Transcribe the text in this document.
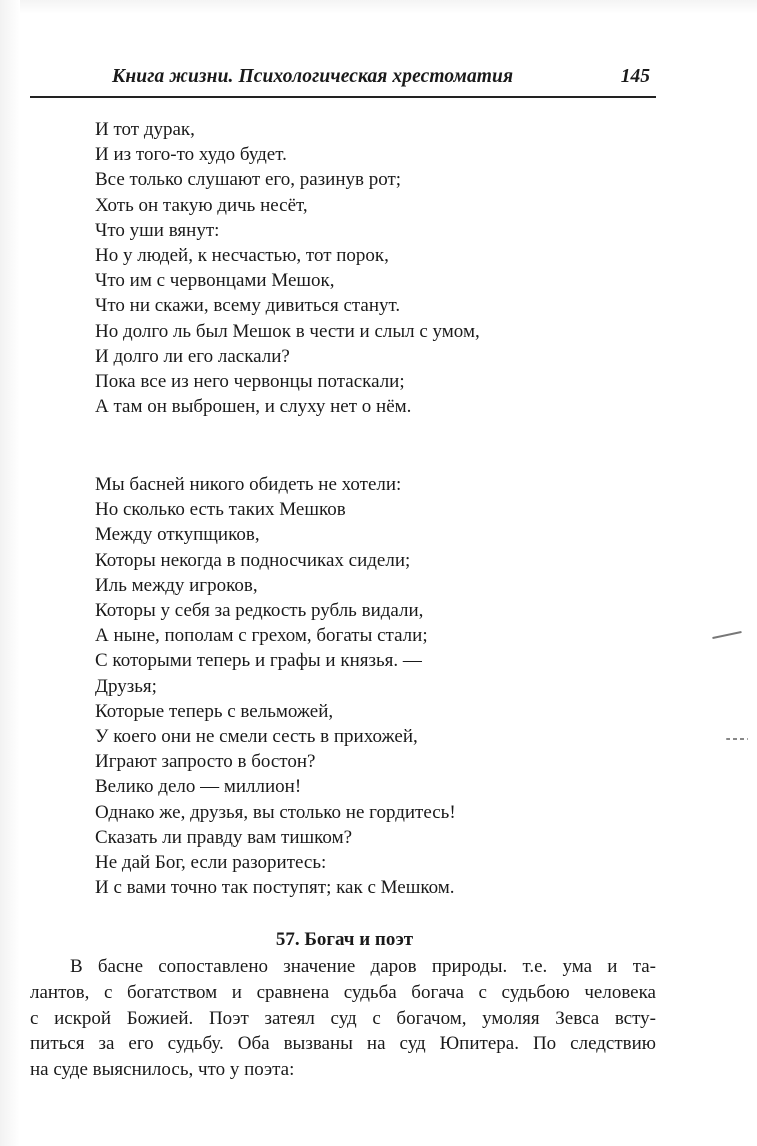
Книга жизни. Психологическая хрестоматия	145
И тот дурак,
И из того-то худо будет.
Все только слушают его, разинув рот;
Хоть он такую дичь несёт,
Что уши вянут:
Но у людей, к несчастью, тот порок,
Что им с червонцами Мешок,
Что ни скажи, всему дивиться станут.
Но долго ль был Мешок в чести и слыл с умом,
И долго ли его ласкали?
Пока все из него червонцы потаскали;
А там он выброшен, и слуху нет о нём.
Мы басней никого обидеть не хотели:
Но сколько есть таких Мешков
Между откупщиков,
Которы некогда в подносчиках сидели;
Иль между игроков,
Которы у себя за редкость рубль видали,
А ныне, пополам с грехом, богаты стали;
С которыми теперь и графы и князья. —
Друзья;
Которые теперь с вельможей,
У коего они не смели сесть в прихожей,
Играют запросто в бостон?
Велико дело — миллион!
Однако же, друзья, вы столько не гордитесь!
Сказать ли правду вам тишком?
Не дай Бог, если разоритесь:
И с вами точно так поступят; как с Мешком.
57. Богач и поэт
В басне сопоставлено значение даров природы. т.е. ума и та-
лантов, с богатством и сравнена судьба богача с судьбою человека
с искрой Божией. Поэт затеял суд с богачом, умоляя Зевса всту-
питься за его судьбу. Оба вызваны на суд Юпитера. По следствию
на суде выяснилось, что у поэта:
